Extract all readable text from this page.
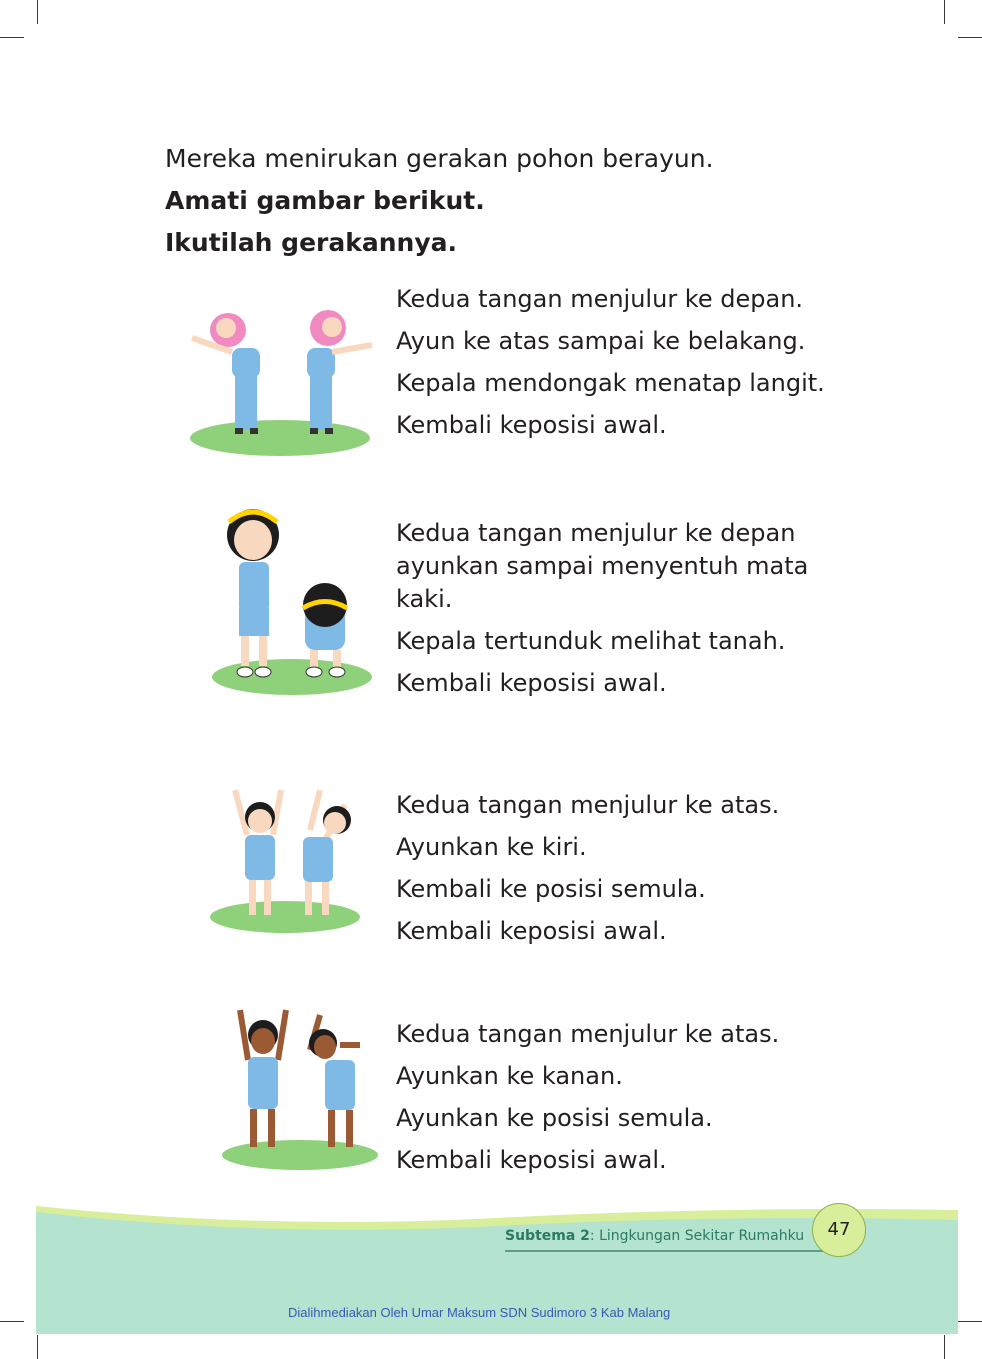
Mereka menirukan gerakan pohon berayun.
Amati gambar berikut.
Ikutilah gerakannya.

Kedua tangan menjulur ke depan.

Ayun ke atas sampai ke belakang.

Kepala mendongak menatap langit.

Kembali keposisi awal.

Kedua tangan menjulur ke depan ayunkan sampai menyentuh mata kaki.

Kepala tertunduk melihat tanah.

Kembali keposisi awal.

Kedua tangan menjulur ke atas.

Ayunkan ke kiri.

Kembali ke posisi semula.

Kembali keposisi awal.

Kedua tangan menjulur ke atas.

Ayunkan ke kanan.

Ayunkan ke posisi semula.

Kembali keposisi awal.

Subtema 2: Lingkungan Sekitar Rumahku	47
Dialihmediakan Oleh Umar Maksum SDN Sudimoro 3 Kab Malang
